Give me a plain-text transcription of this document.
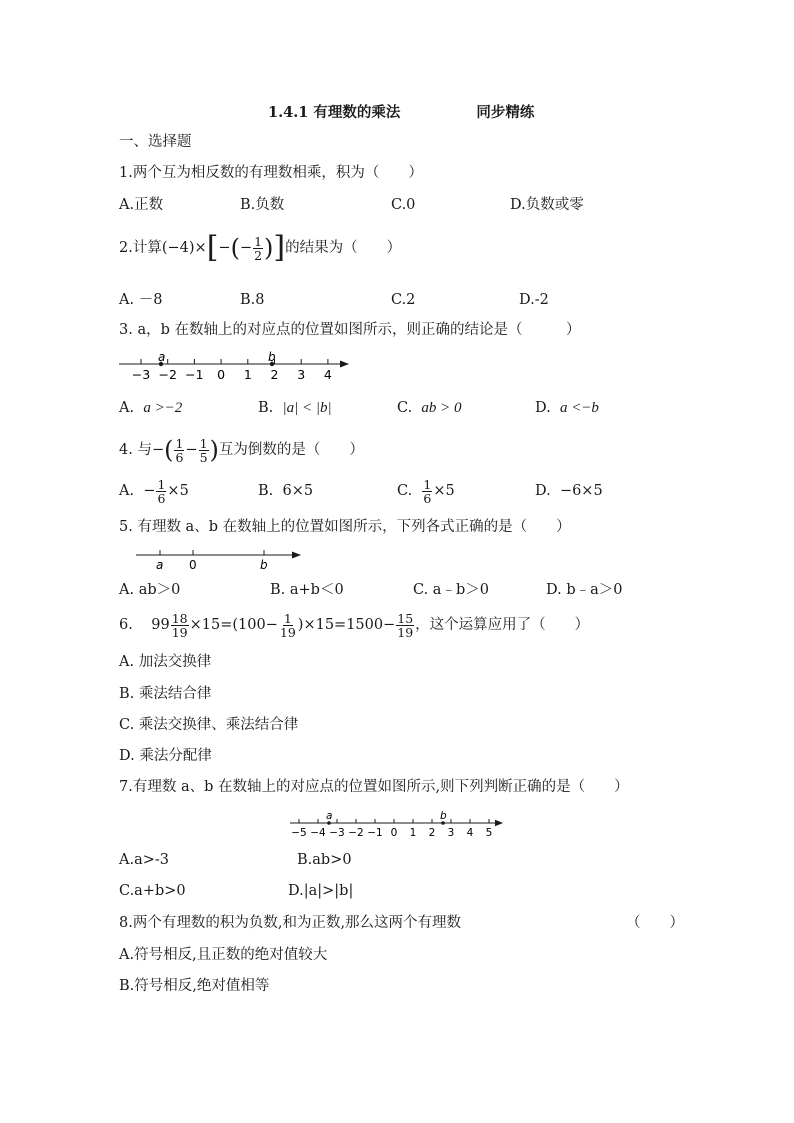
1.4.1 有理数的乘法	同步精练
一、选择题
1.两个互为相反数的有理数相乘，积为（　　）
A.正数	B.负数	C.0	D.负数或零
2.计算$(-4)\times[-(- \frac{1}{2}$ )]的结果为（　　）
A. －8	B.8	C.2	D.-2
3. a，b 在数轴上的对应点的位置如图所示，则正确的结论是（　　　）
−3 −2 −1 0 1 2 3 4
a	b
A. a >−2	B. |a| < |b|	C. ab > 0	D. a <−b
4. 与−( $\frac{1}{6} - \frac{1}{5}$ )互为倒数的是（　　）
A. − $\frac{1}{6} \times 5$	B. 6×5	C. $\frac{1}{6} \times 5$	D. −6×5
5. 有理数 a、b 在数轴上的位置如图所示，下列各式正确的是（　　）
a 0	b
A. ab＞0	B. a+b＜0	C. a﹣b＞0	D. b﹣a＞0
6. $99 \frac{18}{19} \times 15=(100- \frac{1}{19} )\times 15=1500- \frac{15}{19}$ ，这个运算应用了（　　）
A. 加法交换律
B. 乘法结合律
C. 乘法交换律、乘法结合律
D. 乘法分配律
7.有理数 a、b 在数轴上的对应点的位置如图所示,则下列判断正确的是（　　）
−5 −4 −3 −2 −1 0 1 2 3 4 5
a	b
A.a>-3	B.ab>0
C.a+b>0	D.|a|>|b|
8.两个有理数的积为负数,和为正数,那么这两个有理数	（　　）
A.符号相反,且正数的绝对值较大
B.符号相反,绝对值相等
